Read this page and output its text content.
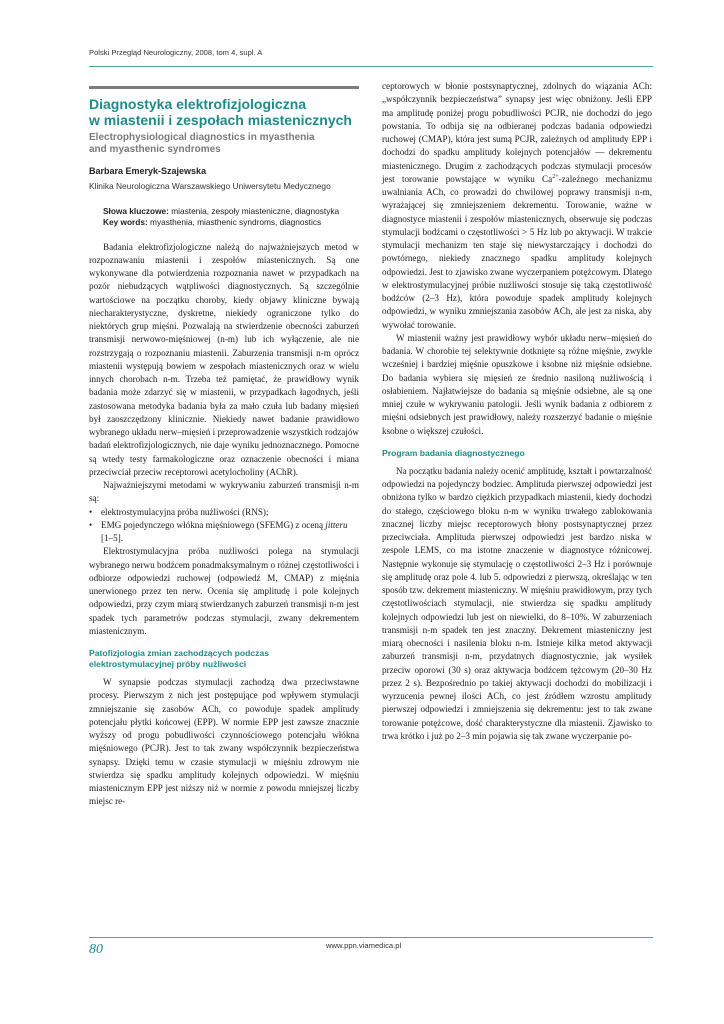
Polski Przegląd Neurologiczny, 2008, tom 4, supl. A
Diagnostyka elektrofizjologiczna
w miastenii i zespołach miastenicznych
Electrophysiological diagnostics in myasthenia
and myasthenic syndromes
Barbara Emeryk-Szajewska
Klinika Neurologiczna Warszawskiego Uniwersytetu Medycznego

Słowa kluczowe: miastenia, zespoły miasteniczne, diagnostyka

Key words: myasthenia, miasthenic syndroms, diagnostics

Badania elektrofizjologiczne należą do najważniejszych metod w rozpoznawaniu miastenii i zespołów miastenicznych. Są one wykonywane dla potwierdzenia rozpoznania nawet w przypadkach na pozór niebudzących wątpliwości diagnostycznych. Są szczególnie wartościowe na początku choroby, kiedy objawy kliniczne bywają niecharakterystyczne, dyskretne, niekiedy ograniczone tylko do niektórych grup mięśni. Pozwalają na stwierdzenie obecności zaburzeń transmisji nerwowo-mięśniowej (n-m) lub ich wyłączenie, ale nie rozstrzygają o rozpoznaniu miastenii. Zaburzenia transmisji n-m oprócz miastenii występują bowiem w zespołach miastenicznych oraz w wielu innych chorobach n-m. Trzeba też pamiętać, że prawidłowy wynik badania może zdarzyć się w miastenii, w przypadkach łagodnych, jeśli zastosowana metodyka badania była za mało czuła lub badany mięsień był zaoszczędzony klinicznie. Niekiedy nawet badanie prawidłowo wybranego układu nerw–mięsień i przeprowadzenie wszystkich rodzajów badań elektrofizjologicznych, nie daje wyniku jednoznacznego. Pomocne są wtedy testy farmakologiczne oraz oznaczenie obecności i miana przeciwciał przeciw receptorowi acetylocholiny (AChR).

Najważniejszymi metodami w wykrywaniu zaburzeń transmisji n-m są:

• elektrostymulacyjna próba nużliwości (RNS);
• EMG pojedynczego włókna mięśniowego (SFEMG) z oceną jitteru [1–5].

Elektrostymulacyjna próba nużliwości polega na stymulacji wybranego nerwu bodźcem ponadmaksymalnym o różnej częstotliwości i odbiorze odpowiedzi ruchowej (odpowiedź M, CMAP) z mięśnia unerwionego przez ten nerw. Ocenia się amplitudę i pole kolejnych odpowiedzi, przy czym miarą stwierdzanych zaburzeń transmisji n-m jest spadek tych parametrów podczas stymulacji, zwany dekrementem miastenicznym.

Patofizjologia zmian zachodzących podczas
elektrostymulacyjnej próby nużliwości

W synapsie podczas stymulacji zachodzą dwa przeciwstawne procesy. Pierwszym z nich jest postępujące pod wpływem stymulacji zmniejszanie się zasobów ACh, co powoduje spadek amplitudy potencjału płytki końcowej (EPP). W normie EPP jest zawsze znacznie wyższy od progu pobudliwości czynnościowego potencjału włókna mięśniowego (PCJR). Jest to tak zwany współczynnik bezpieczeństwa synapsy. Dzięki temu w czasie stymulacji w mięśniu zdrowym nie stwierdza się spadku amplitudy kolejnych odpowiedzi. W mięśniu miastenicznym EPP jest niższy niż w normie z powodu mniejszej liczby miejsc re-

ceptorowych w błonie postsynaptycznej, zdolnych do wiązania ACh: „współczynnik bezpieczeństwa” synapsy jest więc obniżony. Jeśli EPP ma amplitudę poniżej progu pobudliwości PCJR, nie dochodzi do jego powstania. To odbija się na odbieranej podczas badania odpowiedzi ruchowej (CMAP), która jest sumą PCJR, zależnych od amplitudy EPP i dochodzi do spadku amplitudy kolejnych potencjałów — dekrementu miastenicznego. Drugim z zachodzących podczas stymulacji procesów jest torowanie powstające w wyniku $Ca^{2+}$-zależnego mechanizmu uwalniania ACh, co prowadzi do chwilowej poprawy transmisji n-m, wyrażającej się zmniejszeniem dekrementu. Torowanie, ważne w diagnostyce miastenii i zespołów miastenicznych, obserwuje się podczas stymulacji bodźcami o częstotliwości > 5 Hz lub po aktywacji. W trakcie stymulacji mechanizm ten staje się niewystarczający i dochodzi do powtórnego, niekiedy znacznego spadku amplitudy kolejnych odpowiedzi. Jest to zjawisko zwane wyczerpaniem potężcowym. Dlatego w elektrostymulacyjnej próbie nużliwości stosuje się taką częstotliwość bodźców (2–3 Hz), która powoduje spadek amplitudy kolejnych odpowiedzi, w wyniku zmniejszania zasobów ACh, ale jest za niska, aby wywołać torowanie.

W miastenii ważny jest prawidłowy wybór układu nerw–mięsień do badania. W chorobie tej selektywnie dotknięte są różne mięśnie, zwykle wcześniej i bardziej mięśnie opuszkowe i ksobne niż mięśnie odsiebne. Do badania wybiera się mięsień ze średnio nasiloną nużliwością i osłabieniem. Najłatwiejsze do badania są mięśnie odsiebne, ale są one mniej czułe w wykrywaniu patologii. Jeśli wynik badania z odbiorem z mięśni odsiebnych jest prawidłowy, należy rozszerzyć badanie o mięśnie ksobne o większej czułości.

Program badania diagnostycznego

Na początku badania należy ocenić amplitudę, kształt i powtarzalność odpowiedzi na pojedynczy bodziec. Amplituda pierwszej odpowiedzi jest obniżona tylko w bardzo ciężkich przypadkach miastenii, kiedy dochodzi do stałego, częściowego bloku n-m w wyniku trwałego zablokowania znacznej liczby miejsc receptorowych błony postsynaptycznej przez przeciwciała. Amplituda pierwszej odpowiedzi jest bardzo niska w zespole LEMS, co ma istotne znaczenie w diagnostyce różnicowej. Następnie wykonuje się stymulację o częstotliwości 2–3 Hz i porównuje się amplitudę oraz pole 4. lub 5. odpowiedzi z pierwszą, określając w ten sposób tzw. dekrement miasteniczny. W mięśniu prawidłowym, przy tych częstotliwościach stymulacji, nie stwierdza się spadku amplitudy kolejnych odpowiedzi lub jest on niewielki, do 8–10%. W zaburzeniach transmisji n-m spadek ten jest znaczny. Dekrement miasteniczny jest miarą obecności i nasilenia bloku n-m. Istnieje kilka metod aktywacji zaburzeń transmisji n-m, przydatnych diagnostycznie, jak wysiłek przeciw oporowi (30 s) oraz aktywacja bodźcem tężcowym (20–30 Hz przez 2 s). Bezpośrednio po takiej aktywacji dochodzi do mobilizacji i wyrzucenia pewnej ilości ACh, co jest źródłem wzrostu amplitudy pierwszej odpowiedzi i zmniejszenia się dekrementu: jest to tak zwane torowanie potężcowe, dość charakterystyczne dla miastenii. Zjawisko to trwa krótko i już po 2–3 min pojawia się tak zwane wyczerpanie po-

80	www.ppn.viamedica.pl
